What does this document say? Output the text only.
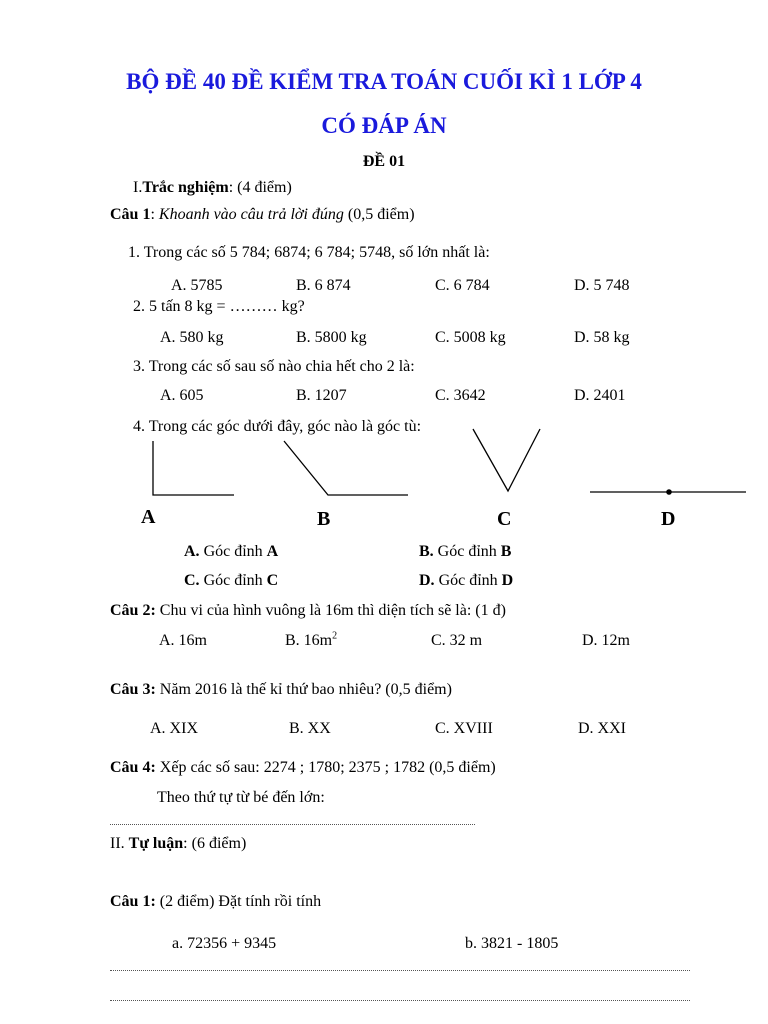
BỘ ĐỀ 40 ĐỀ KIỂM TRA TOÁN CUỐI KÌ 1 LỚP 4
CÓ ĐÁP ÁN
ĐỀ 01
I.Trắc nghiệm: (4 điểm)
Câu 1: Khoanh vào câu trả lời đúng (0,5 điểm)
1. Trong các số 5 784; 6874; 6 784; 5748, số lớn nhất là:
A. 5785	B. 6 874	C. 6 784	D. 5 748
2. 5 tấn 8 kg = ……… kg?
A. 580 kg	B. 5800 kg	C. 5008 kg	D. 58 kg
3. Trong các số sau số nào chia hết cho 2 là:
A. 605	B. 1207	C. 3642	D. 2401
4. Trong các góc dưới đây, góc nào là góc tù:
A	B	C	D
A. Góc đỉnh A	B. Góc đỉnh B
C. Góc đỉnh C	D. Góc đỉnh D
Câu 2: Chu vi của hình vuông là 16m thì diện tích sẽ là: (1 đ)
A. 16m	B. $16m^2$	C. 32 m	D. 12m
Câu 3: Năm 2016 là thế kỉ thứ bao nhiêu? (0,5 điểm)
A. XIX	B. XX	C. XVIII	D. XXI
Câu 4: Xếp các số sau: 2274 ; 1780; 2375 ; 1782 (0,5 điểm)
Theo thứ tự từ bé đến lớn:
II. Tự luận: (6 điểm)
Câu 1: (2 điểm) Đặt tính rồi tính
a. 72356 + 9345	b. 3821 - 1805
